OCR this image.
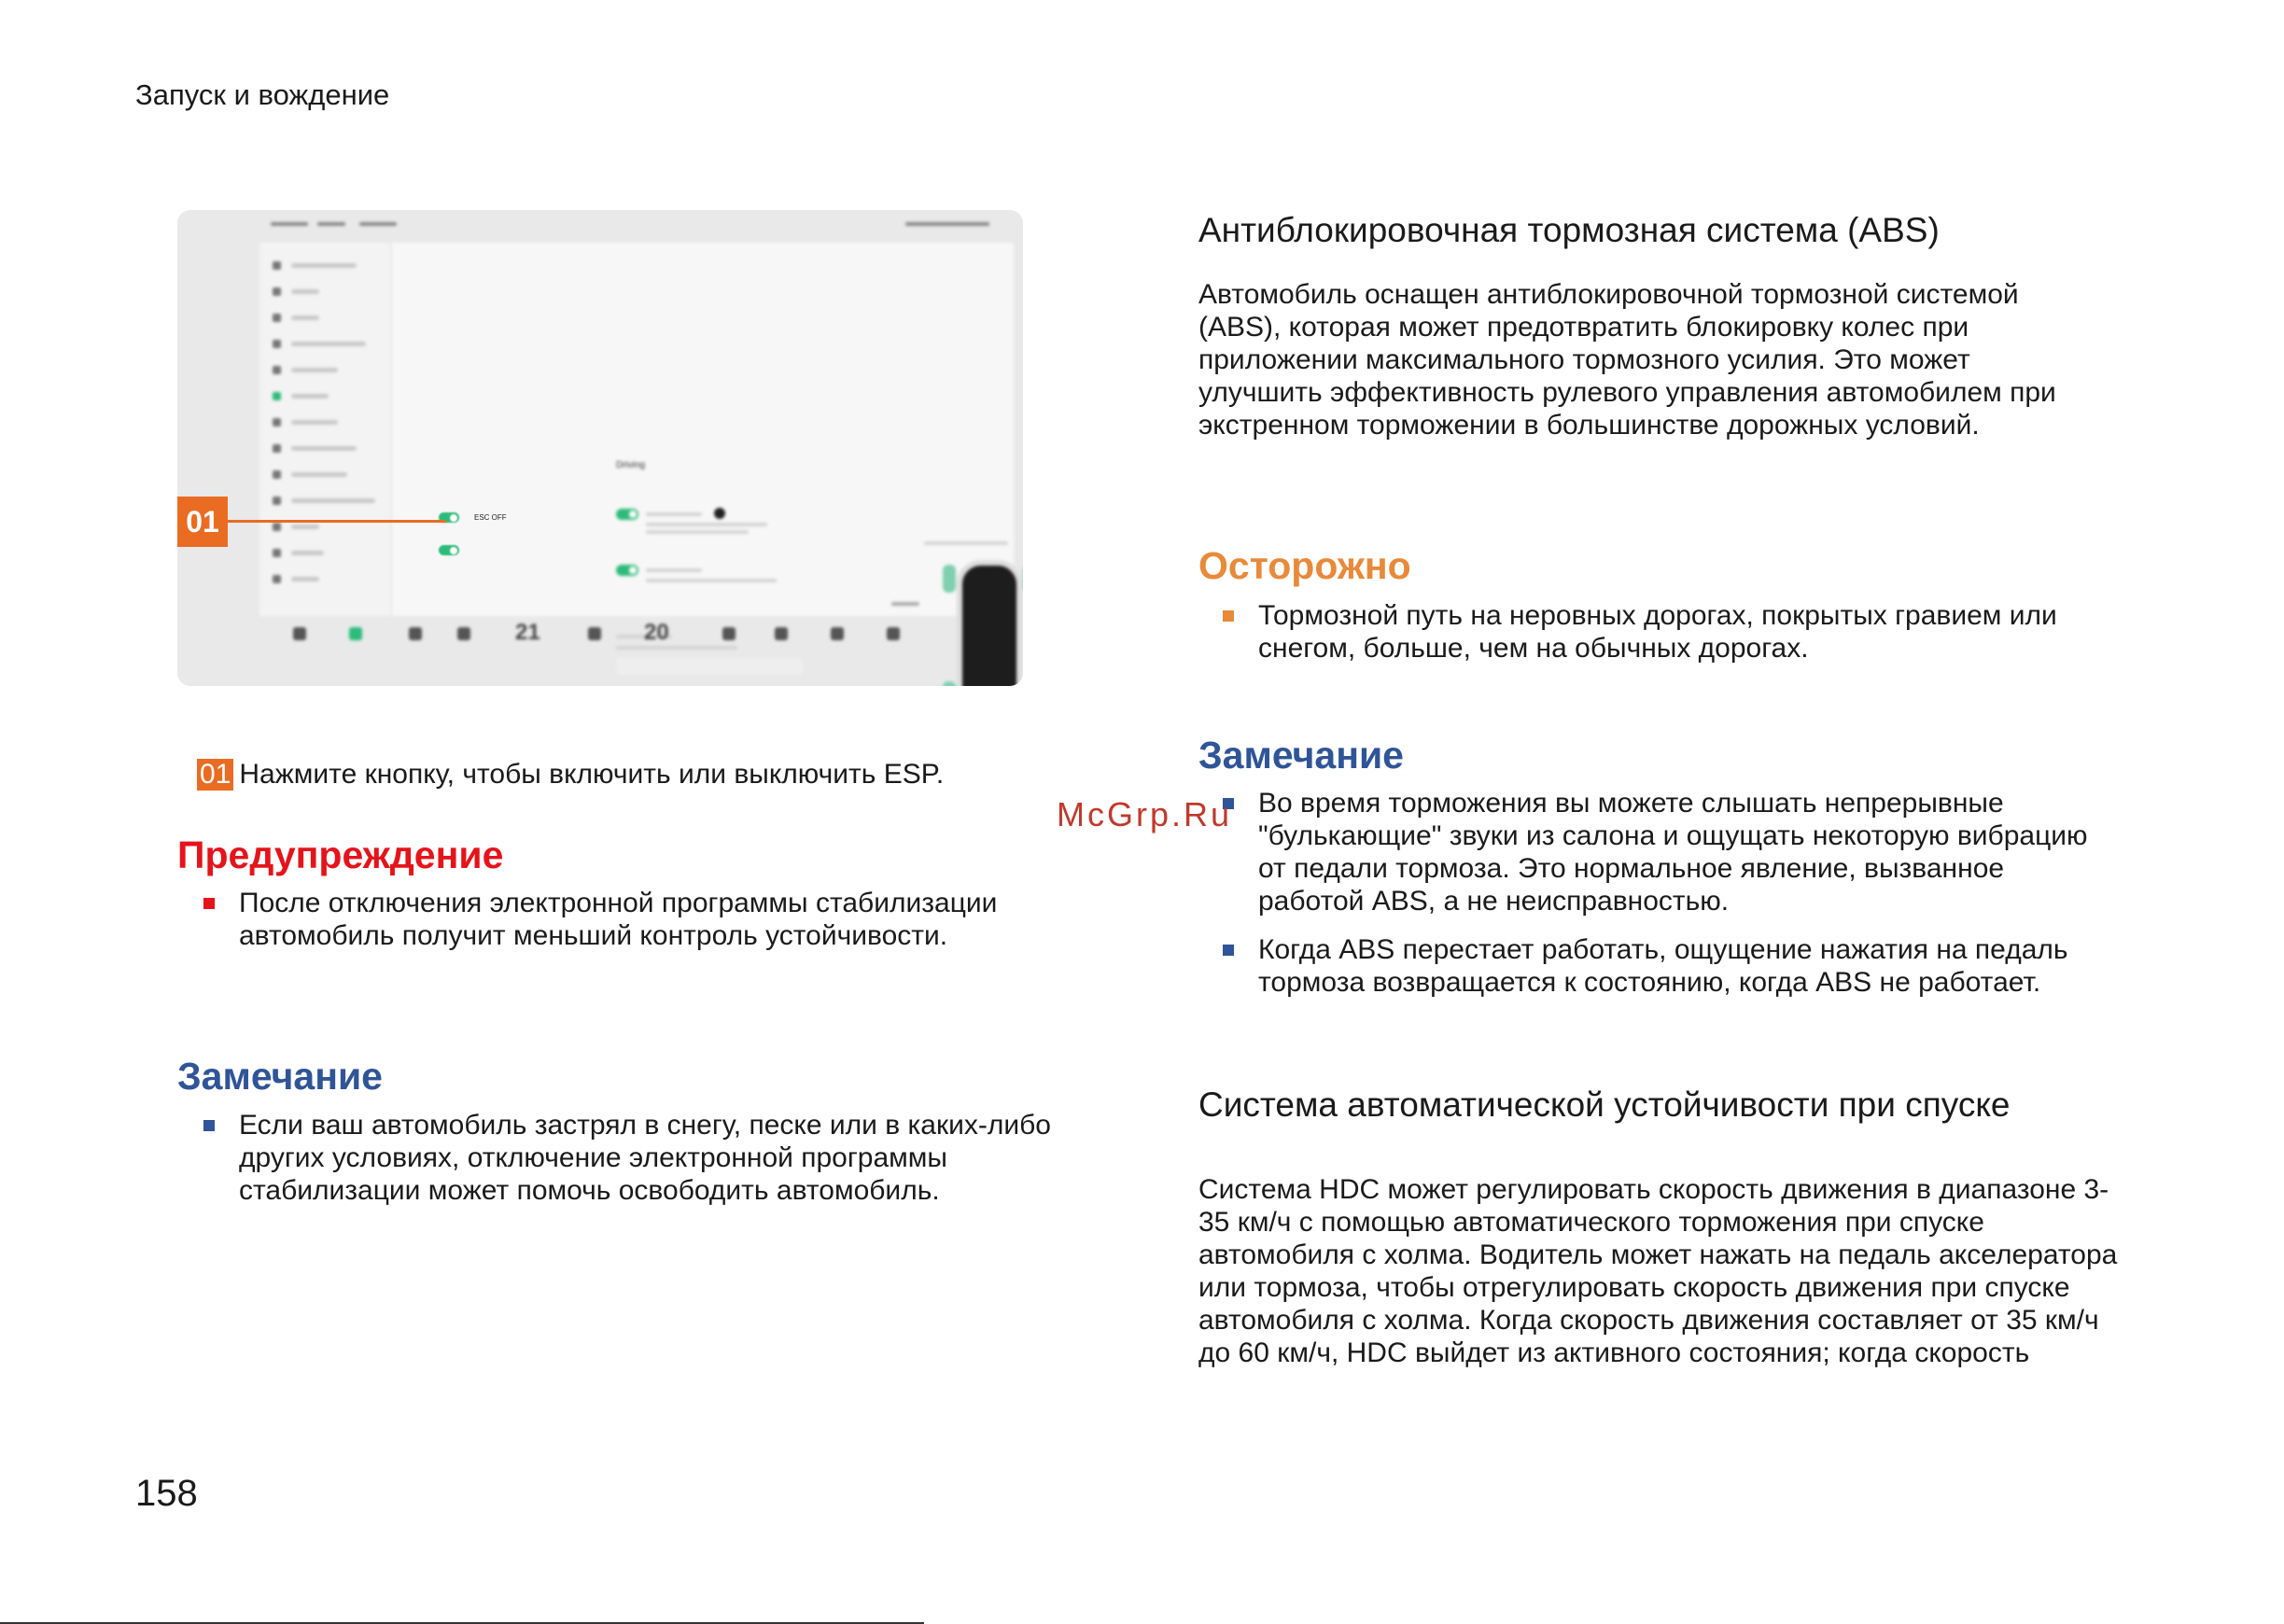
Запуск и вождение
Driving
21	20
ESC OFF
01
01 Нажмите кнопку, чтобы включить или выключить ESP.
Предупреждение
После отключения электронной программы стабилизации автомобиль получит меньший контроль устойчивости.
Замечание
Если ваш автомобиль застрял в снегу, песке или в каких-либо других условиях, отключение электронной программы стабилизации может помочь освободить автомобиль.
Антиблокировочная тормозная система (ABS)
Автомобиль оснащен антиблокировочной тормозной системой (ABS), которая может предотвратить блокировку колес при приложении максимального тормозного усилия. Это может улучшить эффективность рулевого управления автомобилем при экстренном торможении в большинстве дорожных условий.
Осторожно
Тормозной путь на неровных дорогах, покрытых гравием или снегом, больше, чем на обычных дорогах.
Замечание
Во время торможения вы можете слышать непрерывные "булькающие" звуки из салона и ощущать некоторую вибрацию от педали тормоза. Это нормальное явление, вызванное работой ABS, а не неисправностью.
Когда ABS перестает работать, ощущение нажатия на педаль тормоза возвращается к состоянию, когда ABS не работает.
Система автоматической устойчивости при спуске
Система HDC может регулировать скорость движения в диапазоне 3-35 км/ч с помощью автоматического торможения при спуске автомобиля с холма. Водитель может нажать на педаль акселератора или тормоза, чтобы отрегулировать скорость движения при спуске автомобиля с холма. Когда скорость движения составляет от 35 км/ч до 60 км/ч, HDC выйдет из активного состояния; когда скорость
McGrp.Ru
158
